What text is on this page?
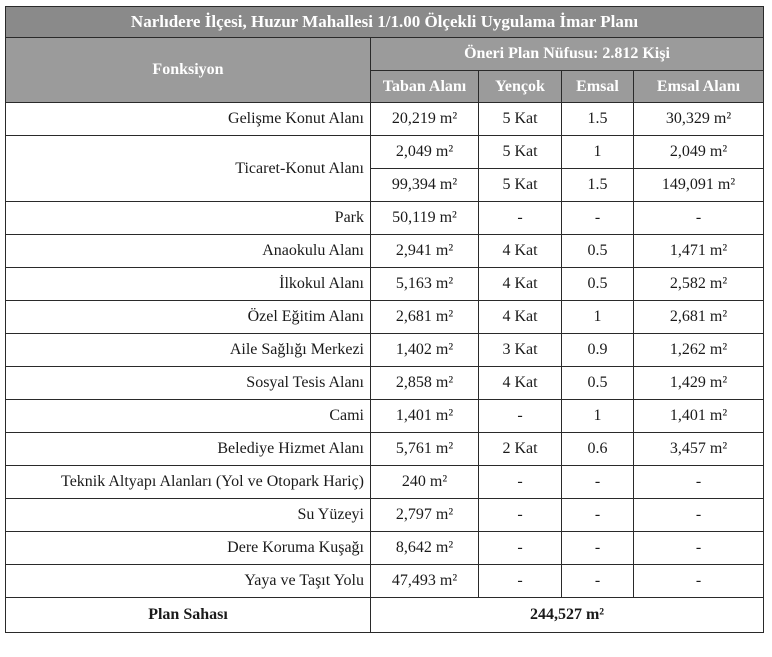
Narlıdere İlçesi, Huzur Mahallesi 1/1.00 Ölçekli Uygulama İmar Planı				
Fonksiyon	Öneri Plan Nüfusu: 2.812 Kişi			
	Taban Alanı	Yençok	Emsal	Emsal Alanı
Gelişme Konut Alanı	20,219 m²	5 Kat	1.5	30,329 m²
Ticaret-Konut Alanı	2,049 m²	5 Kat	1	2,049 m²
	99,394 m²	5 Kat	1.5	149,091 m²
Park	50,119 m²	-	-	-
Anaokulu Alanı	2,941 m²	4 Kat	0.5	1,471 m²
İlkokul Alanı	5,163 m²	4 Kat	0.5	2,582 m²
Özel Eğitim Alanı	2,681 m²	4 Kat	1	2,681 m²
Aile Sağlığı Merkezi	1,402 m²	3 Kat	0.9	1,262 m²
Sosyal Tesis Alanı	2,858 m²	4 Kat	0.5	1,429 m²
Cami	1,401 m²	-	1	1,401 m²
Belediye Hizmet Alanı	5,761 m²	2 Kat	0.6	3,457 m²
Teknik Altyapı Alanları (Yol ve Otopark Hariç)	240 m²	-	-	-
Su Yüzeyi	2,797 m²	-	-	-
Dere Koruma Kuşağı	8,642 m²	-	-	-
Yaya ve Taşıt Yolu	47,493 m²	-	-	-
Plan Sahası	244,527 m²			
